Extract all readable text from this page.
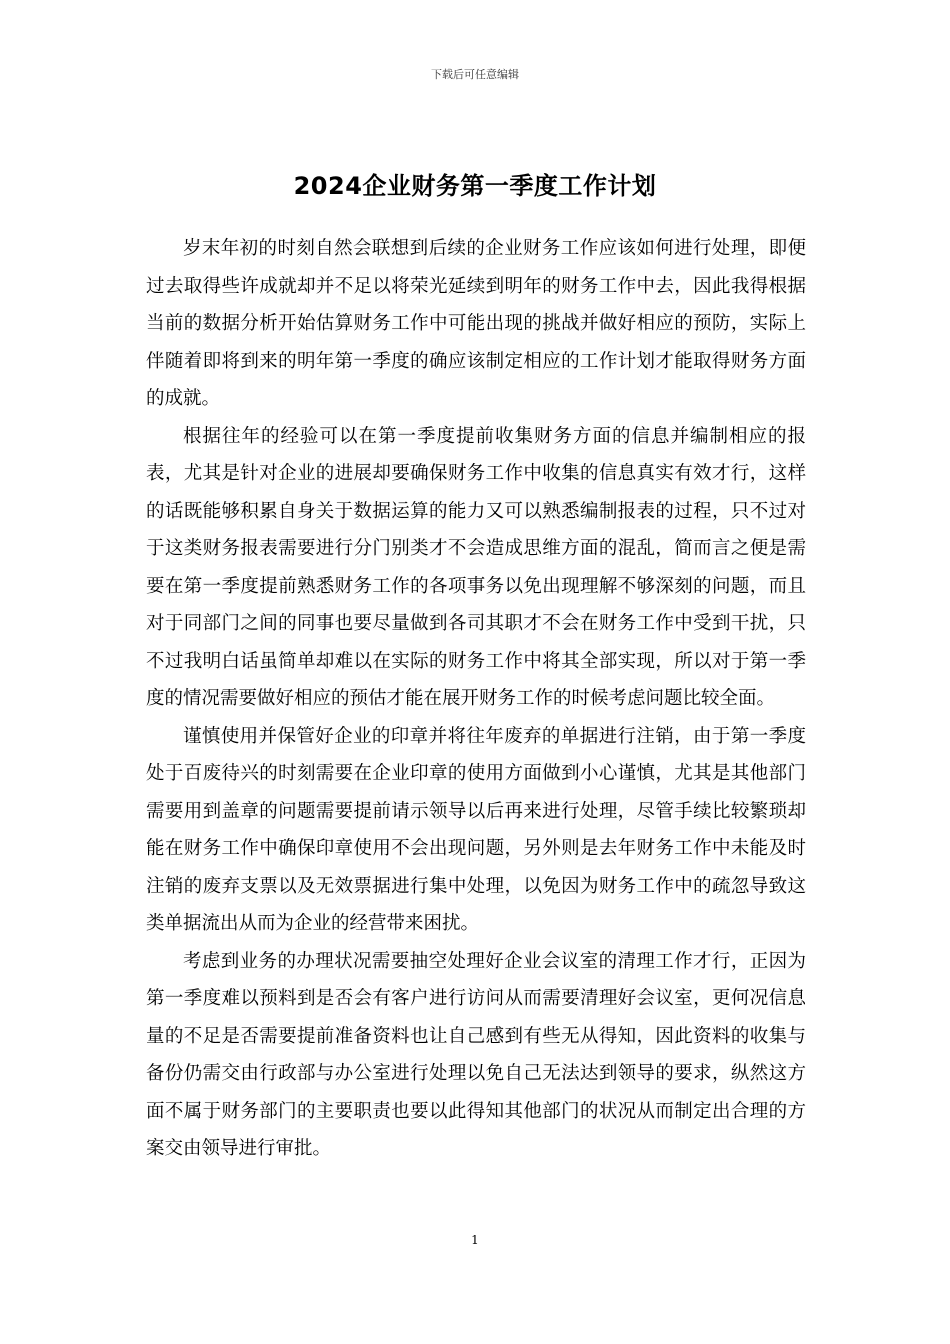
下载后可任意编辑
2024企业财务第一季度工作计划

岁末年初的时刻自然会联想到后续的企业财务工作应该如何进行处理，即便过去取得些许成就却并不足以将荣光延续到明年的财务工作中去，因此我得根据当前的数据分析开始估算财务工作中可能出现的挑战并做好相应的预防，实际上伴随着即将到来的明年第一季度的确应该制定相应的工作计划才能取得财务方面的成就。

根据往年的经验可以在第一季度提前收集财务方面的信息并编制相应的报表，尤其是针对企业的进展却要确保财务工作中收集的信息真实有效才行，这样的话既能够积累自身关于数据运算的能力又可以熟悉编制报表的过程，只不过对于这类财务报表需要进行分门别类才不会造成思维方面的混乱，简而言之便是需要在第一季度提前熟悉财务工作的各项事务以免出现理解不够深刻的问题，而且对于同部门之间的同事也要尽量做到各司其职才不会在财务工作中受到干扰，只不过我明白话虽简单却难以在实际的财务工作中将其全部实现，所以对于第一季度的情况需要做好相应的预估才能在展开财务工作的时候考虑问题比较全面。

谨慎使用并保管好企业的印章并将往年废弃的单据进行注销，由于第一季度处于百废待兴的时刻需要在企业印章的使用方面做到小心谨慎，尤其是其他部门需要用到盖章的问题需要提前请示领导以后再来进行处理，尽管手续比较繁琐却能在财务工作中确保印章使用不会出现问题，另外则是去年财务工作中未能及时注销的废弃支票以及无效票据进行集中处理，以免因为财务工作中的疏忽导致这类单据流出从而为企业的经营带来困扰。

考虑到业务的办理状况需要抽空处理好企业会议室的清理工作才行，正因为第一季度难以预料到是否会有客户进行访问从而需要清理好会议室，更何况信息量的不足是否需要提前准备资料也让自己感到有些无从得知，因此资料的收集与备份仍需交由行政部与办公室进行处理以免自己无法达到领导的要求，纵然这方面不属于财务部门的主要职责也要以此得知其他部门的状况从而制定出合理的方案交由领导进行审批。

1
